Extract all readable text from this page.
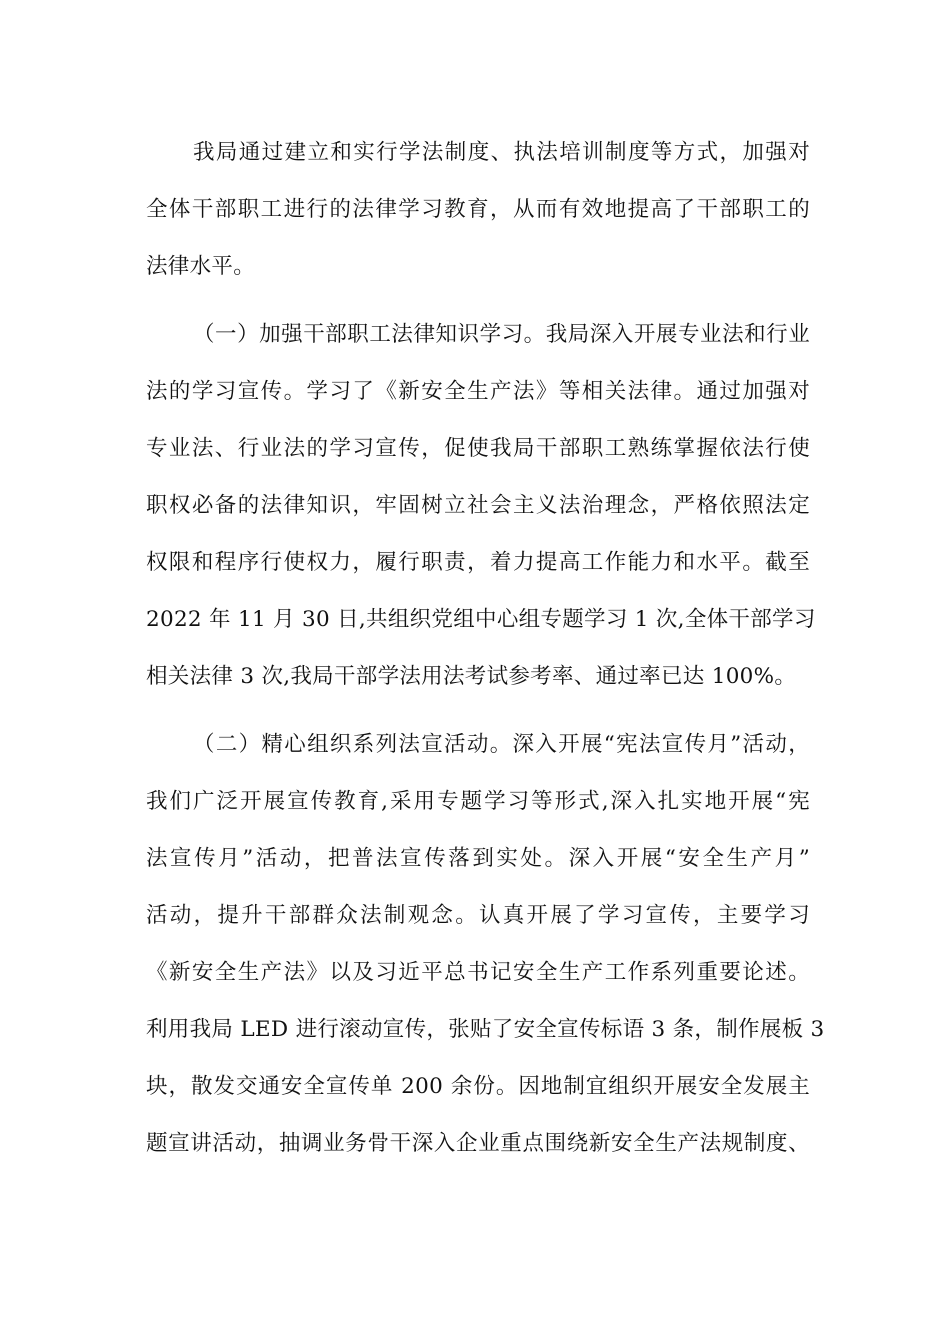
我局通过建立和实行学法制度、执法培训制度等方式，加强对
全体干部职工进行的法律学习教育，从而有效地提高了干部职工的
法律水平。
（一）加强干部职工法律知识学习。我局深入开展专业法和行业
法的学习宣传。学习了《新安全生产法》等相关法律。通过加强对
专业法、行业法的学习宣传，促使我局干部职工熟练掌握依法行使
职权必备的法律知识，牢固树立社会主义法治理念，严格依照法定
权限和程序行使权力，履行职责，着力提高工作能力和水平。截至
2022 年 11 月 30 日,共组织党组中心组专题学习 1 次,全体干部学习
相关法律 3 次,我局干部学法用法考试参考率、通过率已达 100%。
（二）精心组织系列法宣活动。深入开展“宪法宣传月”活动，
我们广泛开展宣传教育,采用专题学习等形式,深入扎实地开展“宪
法宣传月”活动，把普法宣传落到实处。深入开展“安全生产月”
活动，提升干部群众法制观念。认真开展了学习宣传，主要学习
《新安全生产法》以及习近平总书记安全生产工作系列重要论述。
利用我局 LED 进行滚动宣传，张贴了安全宣传标语 3 条，制作展板 3
块，散发交通安全宣传单 200 余份。因地制宜组织开展安全发展主
题宣讲活动，抽调业务骨干深入企业重点围绕新安全生产法规制度、
